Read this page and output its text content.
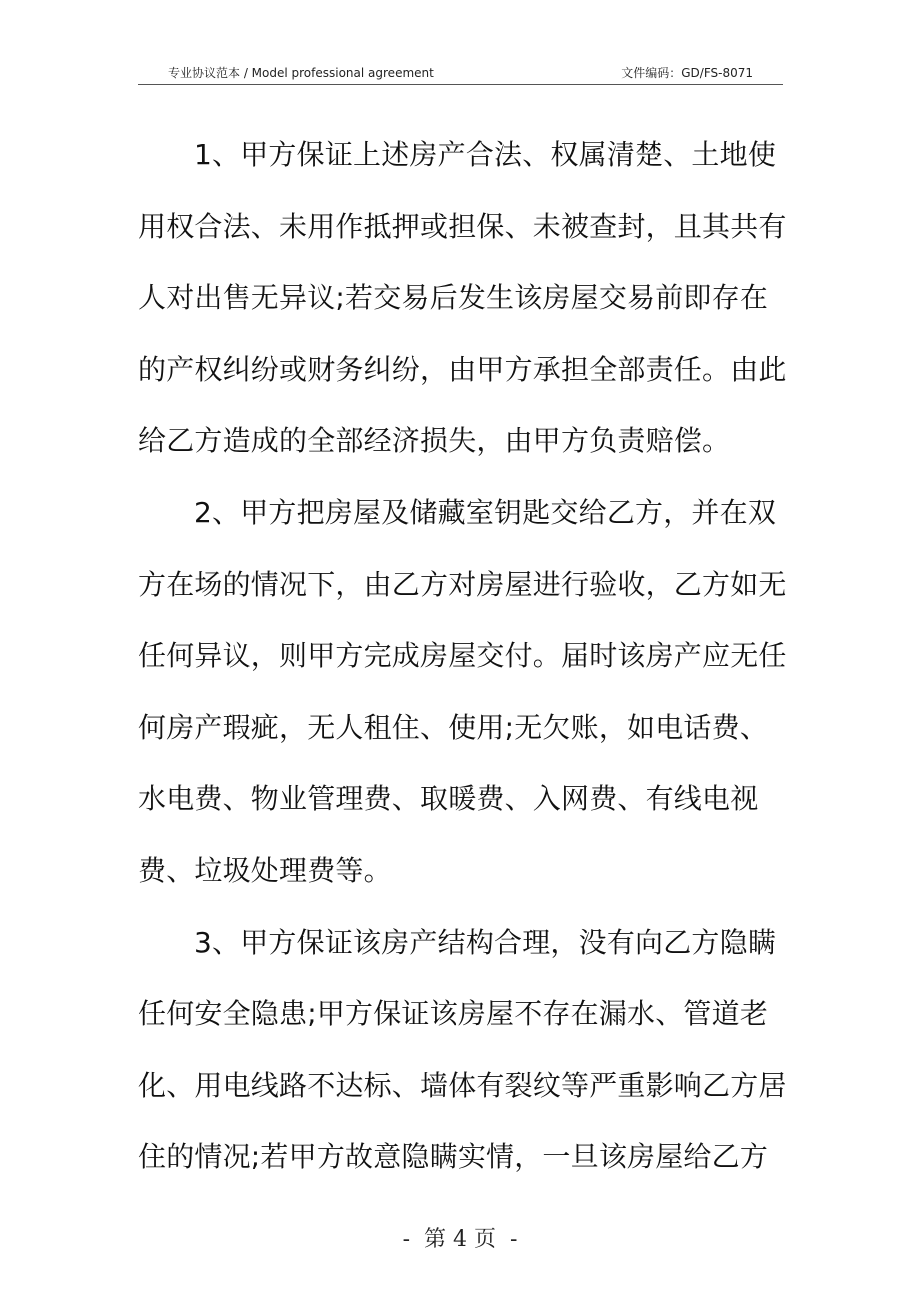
专业协议范本 / Model professional agreement	文件编码：GD/FS-8071
1、甲方保证上述房产合法、权属清楚、土地使
用权合法、未用作抵押或担保、未被查封，且其共有
人对出售无异议;若交易后发生该房屋交易前即存在
的产权纠纷或财务纠纷，由甲方承担全部责任。由此
给乙方造成的全部经济损失，由甲方负责赔偿。
2、甲方把房屋及储藏室钥匙交给乙方，并在双
方在场的情况下，由乙方对房屋进行验收，乙方如无
任何异议，则甲方完成房屋交付。届时该房产应无任
何房产瑕疵，无人租住、使用;无欠账，如电话费、
水电费、物业管理费、取暖费、入网费、有线电视
费、垃圾处理费等。
3、甲方保证该房产结构合理，没有向乙方隐瞒
任何安全隐患;甲方保证该房屋不存在漏水、管道老
化、用电线路不达标、墙体有裂纹等严重影响乙方居
住的情况;若甲方故意隐瞒实情，一旦该房屋给乙方
-  第 4 页  -
